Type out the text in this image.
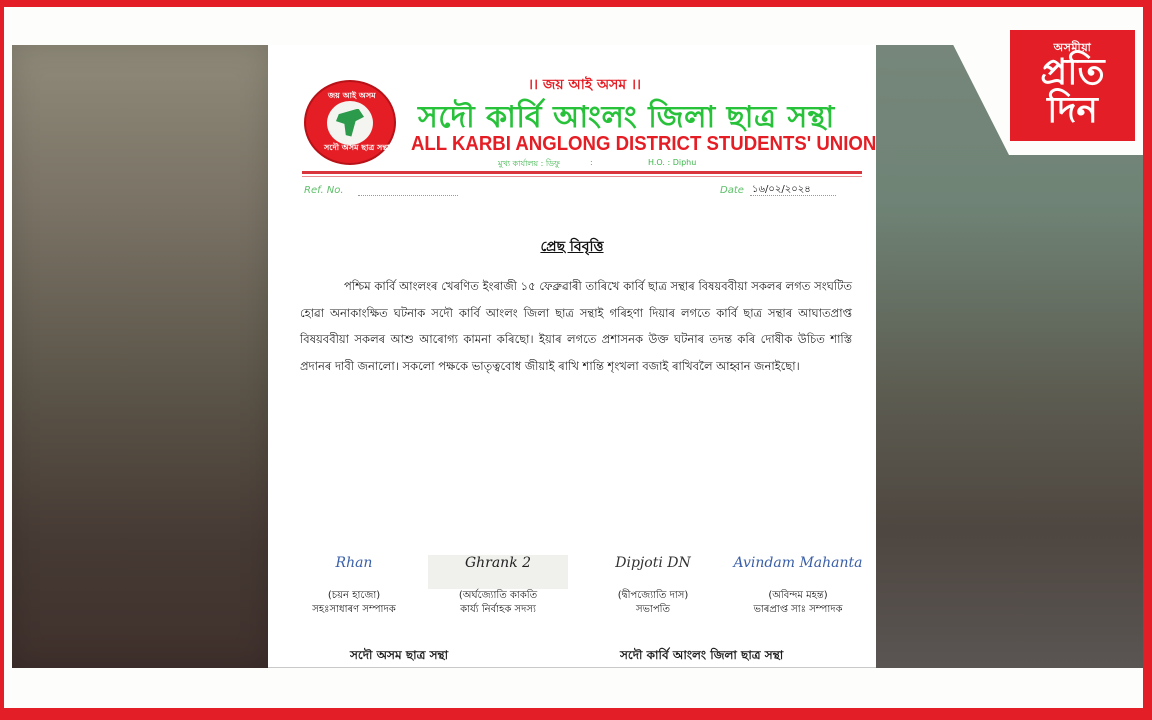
জয় আই অসম
সদৌ অসম ছাত্ৰ সন্থা
।। জয় আই অসম ।।
সদৌ কাৰ্বি আংলং জিলা ছাত্ৰ সন্থা
ALL KARBI ANGLONG DISTRICT STUDENTS' UNION
মুখ্য কাৰ্যালয় : ডিফু	:	H.O. : Diphu
Ref. No.	Date ১৬/০২/২০২৪
প্ৰেছ বিবৃত্তি

পশ্চিম কাৰ্বি আংলংৰ খেৰণিত ইংৰাজী ১৫ ফেব্ৰুৱাৰী তাৰিখে কাৰ্বি ছাত্ৰ সন্থাৰ বিষয়ববীয়া সকলৰ লগত সংঘটিত হোৱা অনাকাংক্ষিত ঘটনাক সদৌ কাৰ্বি আংলং জিলা ছাত্ৰ সন্থাই গৰিহণা দিয়াৰ লগতে কাৰ্বি ছাত্ৰ সন্থাৰ আঘাতপ্ৰাপ্ত বিষয়ববীয়া সকলৰ আশু আৰোগ্য কামনা কৰিছো। ইয়াৰ লগতে প্ৰশাসনক উক্ত ঘটনাৰ তদন্ত কৰি দোষীক উচিত শাস্তি প্ৰদানৰ দাবী জনালো। সকলো পক্ষকে ভাতৃত্ববোধ জীয়াই ৰাখি শান্তি শৃংখলা বজাই ৰাখিবলৈ আহ্বান জনাইছো।

Rhan
(চয়ন হাজো)
সহঃসাধাৰণ সম্পাদক
Ghrank 2
(অৰ্ঘজ্যোতি কাকতি
কাৰ্য্য নিৰ্বাহক সদস্য
Dipjoti DN
(দ্বীপজ্যোতি দাস)
সভাপতি
Avindam Mahanta
(অবিন্দম মহন্ত)
ভাৰপ্ৰাপ্ত সাঃ সম্পাদক
সদৌ অসম ছাত্ৰ সন্থা	সদৌ কাৰ্বি আংলং জিলা ছাত্ৰ সন্থা
অসমীয়া
প্ৰতি
দিন
